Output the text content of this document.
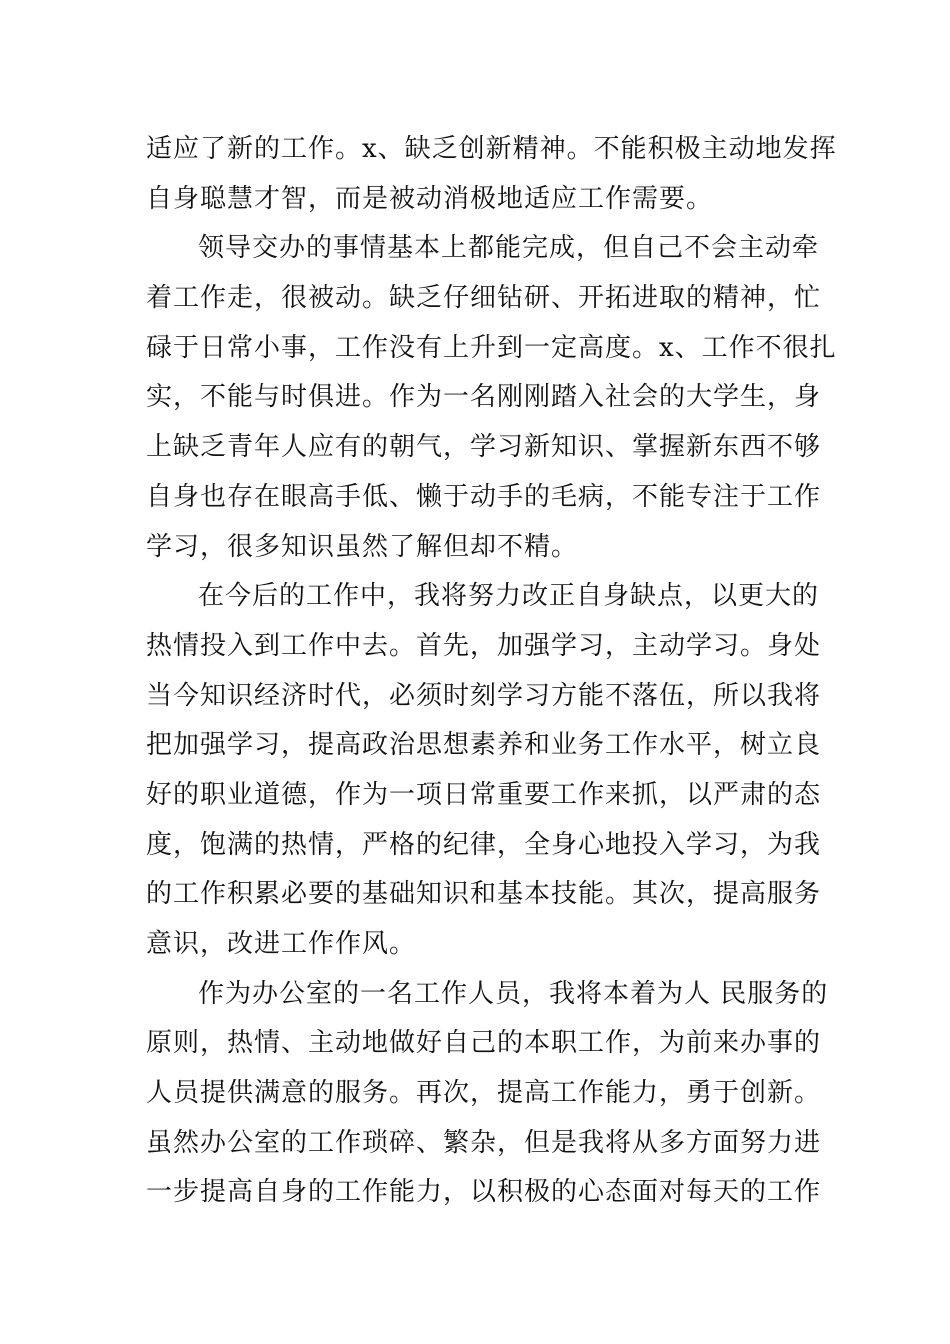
适应了新的工作。x、缺乏创新精神。不能积极主动地发挥
自身聪慧才智，而是被动消极地适应工作需要。
领导交办的事情基本上都能完成，但自己不会主动牵
着工作走，很被动。缺乏仔细钻研、开拓进取的精神，忙
碌于日常小事，工作没有上升到一定高度。x、工作不很扎
实，不能与时俱进。作为一名刚刚踏入社会的大学生，身
上缺乏青年人应有的朝气，学习新知识、掌握新东西不够
自身也存在眼高手低、懒于动手的毛病，不能专注于工作
学习，很多知识虽然了解但却不精。
在今后的工作中，我将努力改正自身缺点，以更大的
热情投入到工作中去。首先，加强学习，主动学习。身处
当今知识经济时代，必须时刻学习方能不落伍，所以我将
把加强学习，提高政治思想素养和业务工作水平，树立良
好的职业道德，作为一项日常重要工作来抓，以严肃的态
度，饱满的热情，严格的纪律，全身心地投入学习，为我
的工作积累必要的基础知识和基本技能。其次，提高服务
意识，改进工作作风。
作为办公室的一名工作人员，我将本着为人 民服务的
原则，热情、主动地做好自己的本职工作，为前来办事的
人员提供满意的服务。再次，提高工作能力，勇于创新。
虽然办公室的工作琐碎、繁杂，但是我将从多方面努力进
一步提高自身的工作能力，以积极的心态面对每天的工作
